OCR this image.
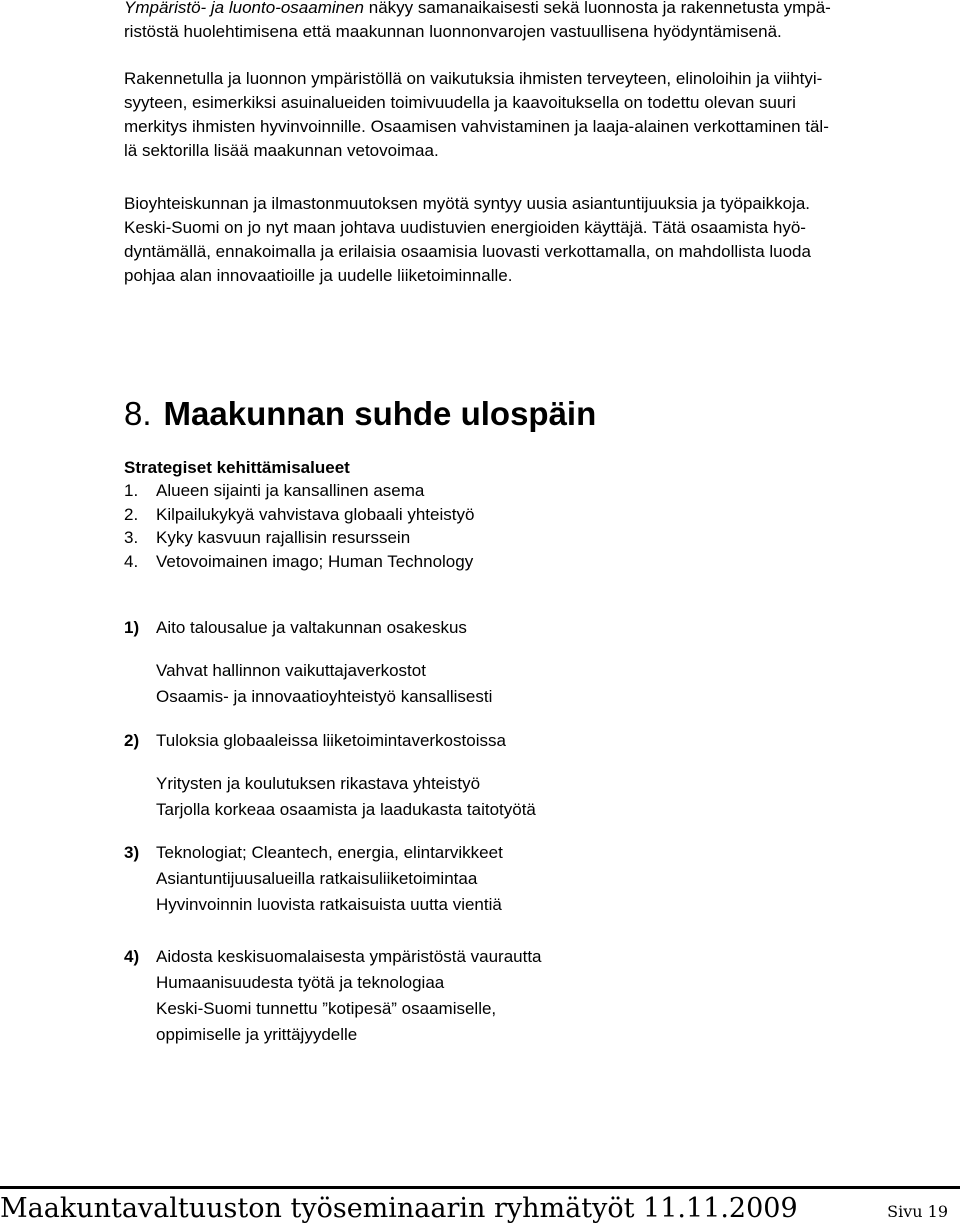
Ympäristö- ja luonto-osaaminen näkyy samanaikaisesti sekä luonnosta ja rakennetusta ympä-
ristöstä huolehtimisena että maakunnan luonnonvarojen vastuullisena hyödyntämisenä.

Rakennetulla ja luonnon ympäristöllä on vaikutuksia ihmisten terveyteen, elinoloihin ja viihtyi-
syyteen, esimerkiksi asuinalueiden toimivuudella ja kaavoituksella on todettu olevan suuri
merkitys ihmisten hyvinvoinnille. Osaamisen vahvistaminen ja laaja-alainen verkottaminen täl-
lä sektorilla lisää maakunnan vetovoimaa.

Bioyhteiskunnan ja ilmastonmuutoksen myötä syntyy uusia asiantuntijuuksia ja työpaikkoja.
Keski-Suomi on jo nyt maan johtava uudistuvien energioiden käyttäjä. Tätä osaamista hyö-
dyntämällä, ennakoimalla ja erilaisia osaamisia luovasti verkottamalla, on mahdollista luoda
pohjaa alan innovaatioille ja uudelle liiketoiminnalle.

8. Maakunnan suhde ulospäin
Strategiset kehittämisalueet
1. Alueen sijainti ja kansallinen asema
2. Kilpailukykyä vahvistava globaali yhteistyö
3. Kyky kasvuun rajallisin resurssein
4. Vetovoimainen imago; Human Technology
1) Aito talousalue ja valtakunnan osakeskus
Vahvat hallinnon vaikuttajaverkostot
Osaamis- ja innovaatioyhteistyö kansallisesti
2) Tuloksia globaaleissa liiketoimintaverkostoissa
Yritysten ja koulutuksen rikastava yhteistyö
Tarjolla korkeaa osaamista ja laadukasta taitotyötä
3) Teknologiat; Cleantech, energia, elintarvikkeet
Asiantuntijuusalueilla ratkaisuliiketoimintaa
Hyvinvoinnin luovista ratkaisuista uutta vientiä
4) Aidosta keskisuomalaisesta ympäristöstä vaurautta
Humaanisuudesta työtä ja teknologiaa
Keski-Suomi tunnettu ”kotipesä” osaamiselle,
oppimiselle ja yrittäjyydelle
Maakuntavaltuuston työseminaarin ryhmätyöt 11.11.2009	Sivu 19
